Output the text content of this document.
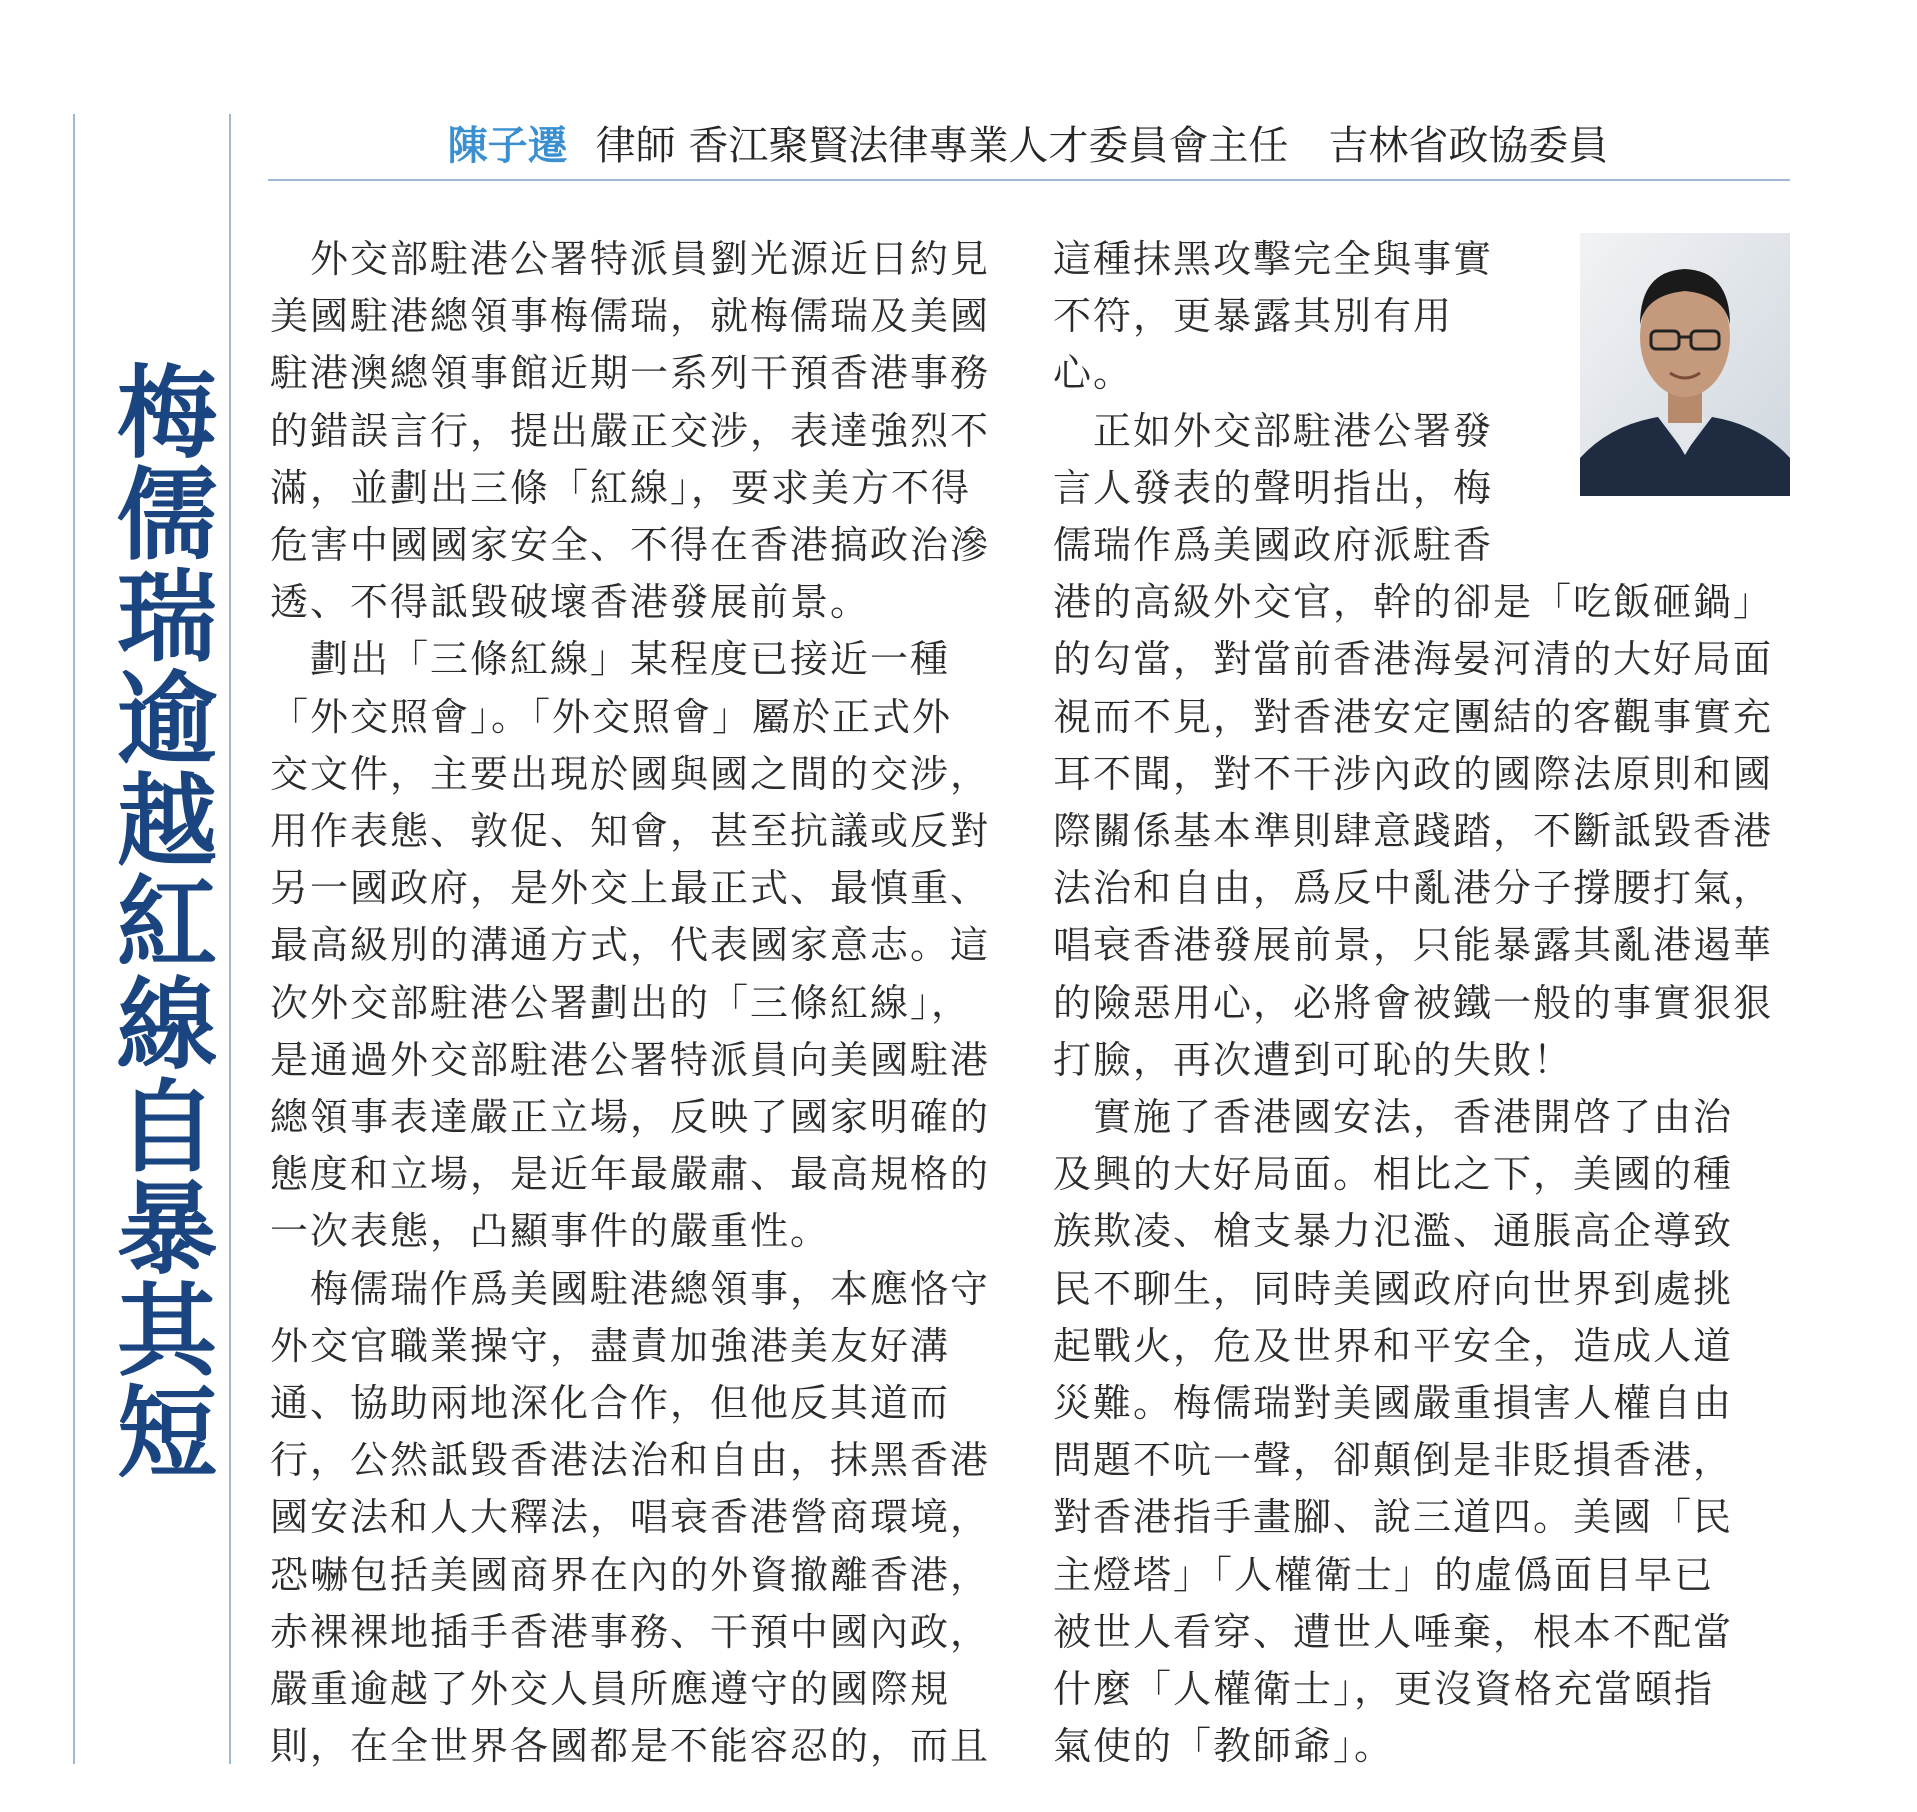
梅儒瑞逾越紅線自暴其短
陳子遷 律師 香江聚賢法律專業人才委員會主任　吉林省政協委員

　外交部駐港公署特派員劉光源近日約見
美國駐港總領事梅儒瑞，就梅儒瑞及美國
駐港澳總領事館近期一系列干預香港事務
的錯誤言行，提出嚴正交涉，表達強烈不
滿，並劃出三條「紅線」，要求美方不得
危害中國國家安全、不得在香港搞政治滲
透、不得詆毀破壞香港發展前景。

　劃出「三條紅線」某程度已接近一種
「外交照會」。「外交照會」屬於正式外
交文件，主要出現於國與國之間的交涉，
用作表態、敦促、知會，甚至抗議或反對
另一國政府，是外交上最正式、最慎重、
最高級別的溝通方式，代表國家意志。這
次外交部駐港公署劃出的「三條紅線」，
是通過外交部駐港公署特派員向美國駐港
總領事表達嚴正立場，反映了國家明確的
態度和立場，是近年最嚴肅、最高規格的
一次表態，凸顯事件的嚴重性。

　梅儒瑞作爲美國駐港總領事，本應恪守
外交官職業操守，盡責加強港美友好溝
通、協助兩地深化合作，但他反其道而
行，公然詆毀香港法治和自由，抹黑香港
國安法和人大釋法，唱衰香港營商環境，
恐嚇包括美國商界在內的外資撤離香港，
赤裸裸地插手香港事務、干預中國內政，
嚴重逾越了外交人員所應遵守的國際規
則，在全世界各國都是不能容忍的，而且

這種抹黑攻擊完全與事實
不符，更暴露其別有用
心。

　正如外交部駐港公署發
言人發表的聲明指出，梅
儒瑞作爲美國政府派駐香
港的高級外交官，幹的卻是「吃飯砸鍋」
的勾當，對當前香港海晏河清的大好局面
視而不見，對香港安定團結的客觀事實充
耳不聞，對不干涉內政的國際法原則和國
際關係基本準則肆意踐踏，不斷詆毀香港
法治和自由，爲反中亂港分子撐腰打氣，
唱衰香港發展前景，只能暴露其亂港遏華
的險惡用心，必將會被鐵一般的事實狠狠
打臉，再次遭到可恥的失敗！

　實施了香港國安法，香港開啓了由治
及興的大好局面。相比之下，美國的種
族欺凌、槍支暴力氾濫、通脹高企導致
民不聊生，同時美國政府向世界到處挑
起戰火，危及世界和平安全，造成人道
災難。梅儒瑞對美國嚴重損害人權自由
問題不吭一聲，卻顛倒是非貶損香港，
對香港指手畫腳、說三道四。美國「民
主燈塔」「人權衛士」的虛僞面目早已
被世人看穿、遭世人唾棄，根本不配當
什麼「人權衛士」，更沒資格充當頤指
氣使的「教師爺」。
